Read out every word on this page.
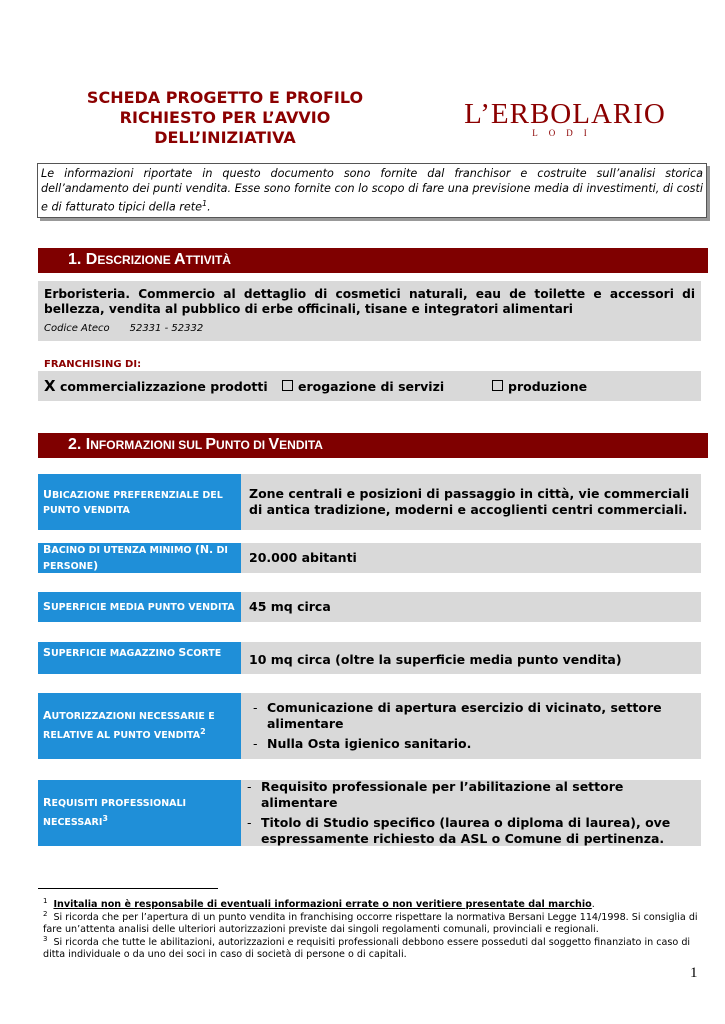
SCHEDA PROGETTO E PROFILO
RICHIESTO PER L’AVVIO
DELL’INIZIATIVA
L’ERBOLARIO
LODI
Le informazioni riportate in questo documento sono fornite dal franchisor e costruite sull’analisi storica dell’andamento dei punti vendita. Esse sono fornite con lo scopo di fare una previsione media di investimenti, di costi e di fatturato tipici della rete$^1$.
1. DESCRIZIONE ATTIVITÀ
Erboristeria. Commercio al dettaglio di cosmetici naturali, eau de toilette e accessori di bellezza, vendita al pubblico di erbe officinali, tisane e integratori alimentari
Codice Ateco 52331 - 52332
FRANCHISING DI:
X commercializzazione prodotti	erogazione di servizi	produzione
2. INFORMAZIONI SUL PUNTO DI VENDITA
UBICAZIONE PREFERENZIALE DEL PUNTO VENDITA
Zone centrali e posizioni di passaggio in città, vie commerciali di antica tradizione, moderni e accoglienti centri commerciali.
BACINO DI UTENZA MINIMO (N. DI PERSONE)
20.000 abitanti
SUPERFICIE MEDIA PUNTO VENDITA 45 mq circa
SUPERFICIE MAGAZZINO SCORTE 10 mq circa (oltre la superficie media punto vendita)
AUTORIZZAZIONI NECESSARIE E RELATIVE AL PUNTO VENDITA$^2$
- Comunicazione di apertura esercizio di vicinato, settore alimentare
- Nulla Osta igienico sanitario.
REQUISITI PROFESSIONALI NECESSARI$^3$
- Requisito professionale per l’abilitazione al settore alimentare
- Titolo di Studio specifico (laurea o diploma di laurea), ove espressamente richiesto da ASL o Comune di pertinenza.
$^1$ Invitalia non è responsabile di eventuali informazioni errate o non veritiere presentate dal marchio.
$^2$ Si ricorda che per l’apertura di un punto vendita in franchising occorre rispettare la normativa Bersani Legge 114/1998. Si consiglia di fare un’attenta analisi delle ulteriori autorizzazioni previste dai singoli regolamenti comunali, provinciali e regionali.
$^3$ Si ricorda che tutte le abilitazioni, autorizzazioni e requisiti professionali debbono essere posseduti dal soggetto finanziato in caso di ditta individuale o da uno dei soci in caso di società di persone o di capitali.
1
